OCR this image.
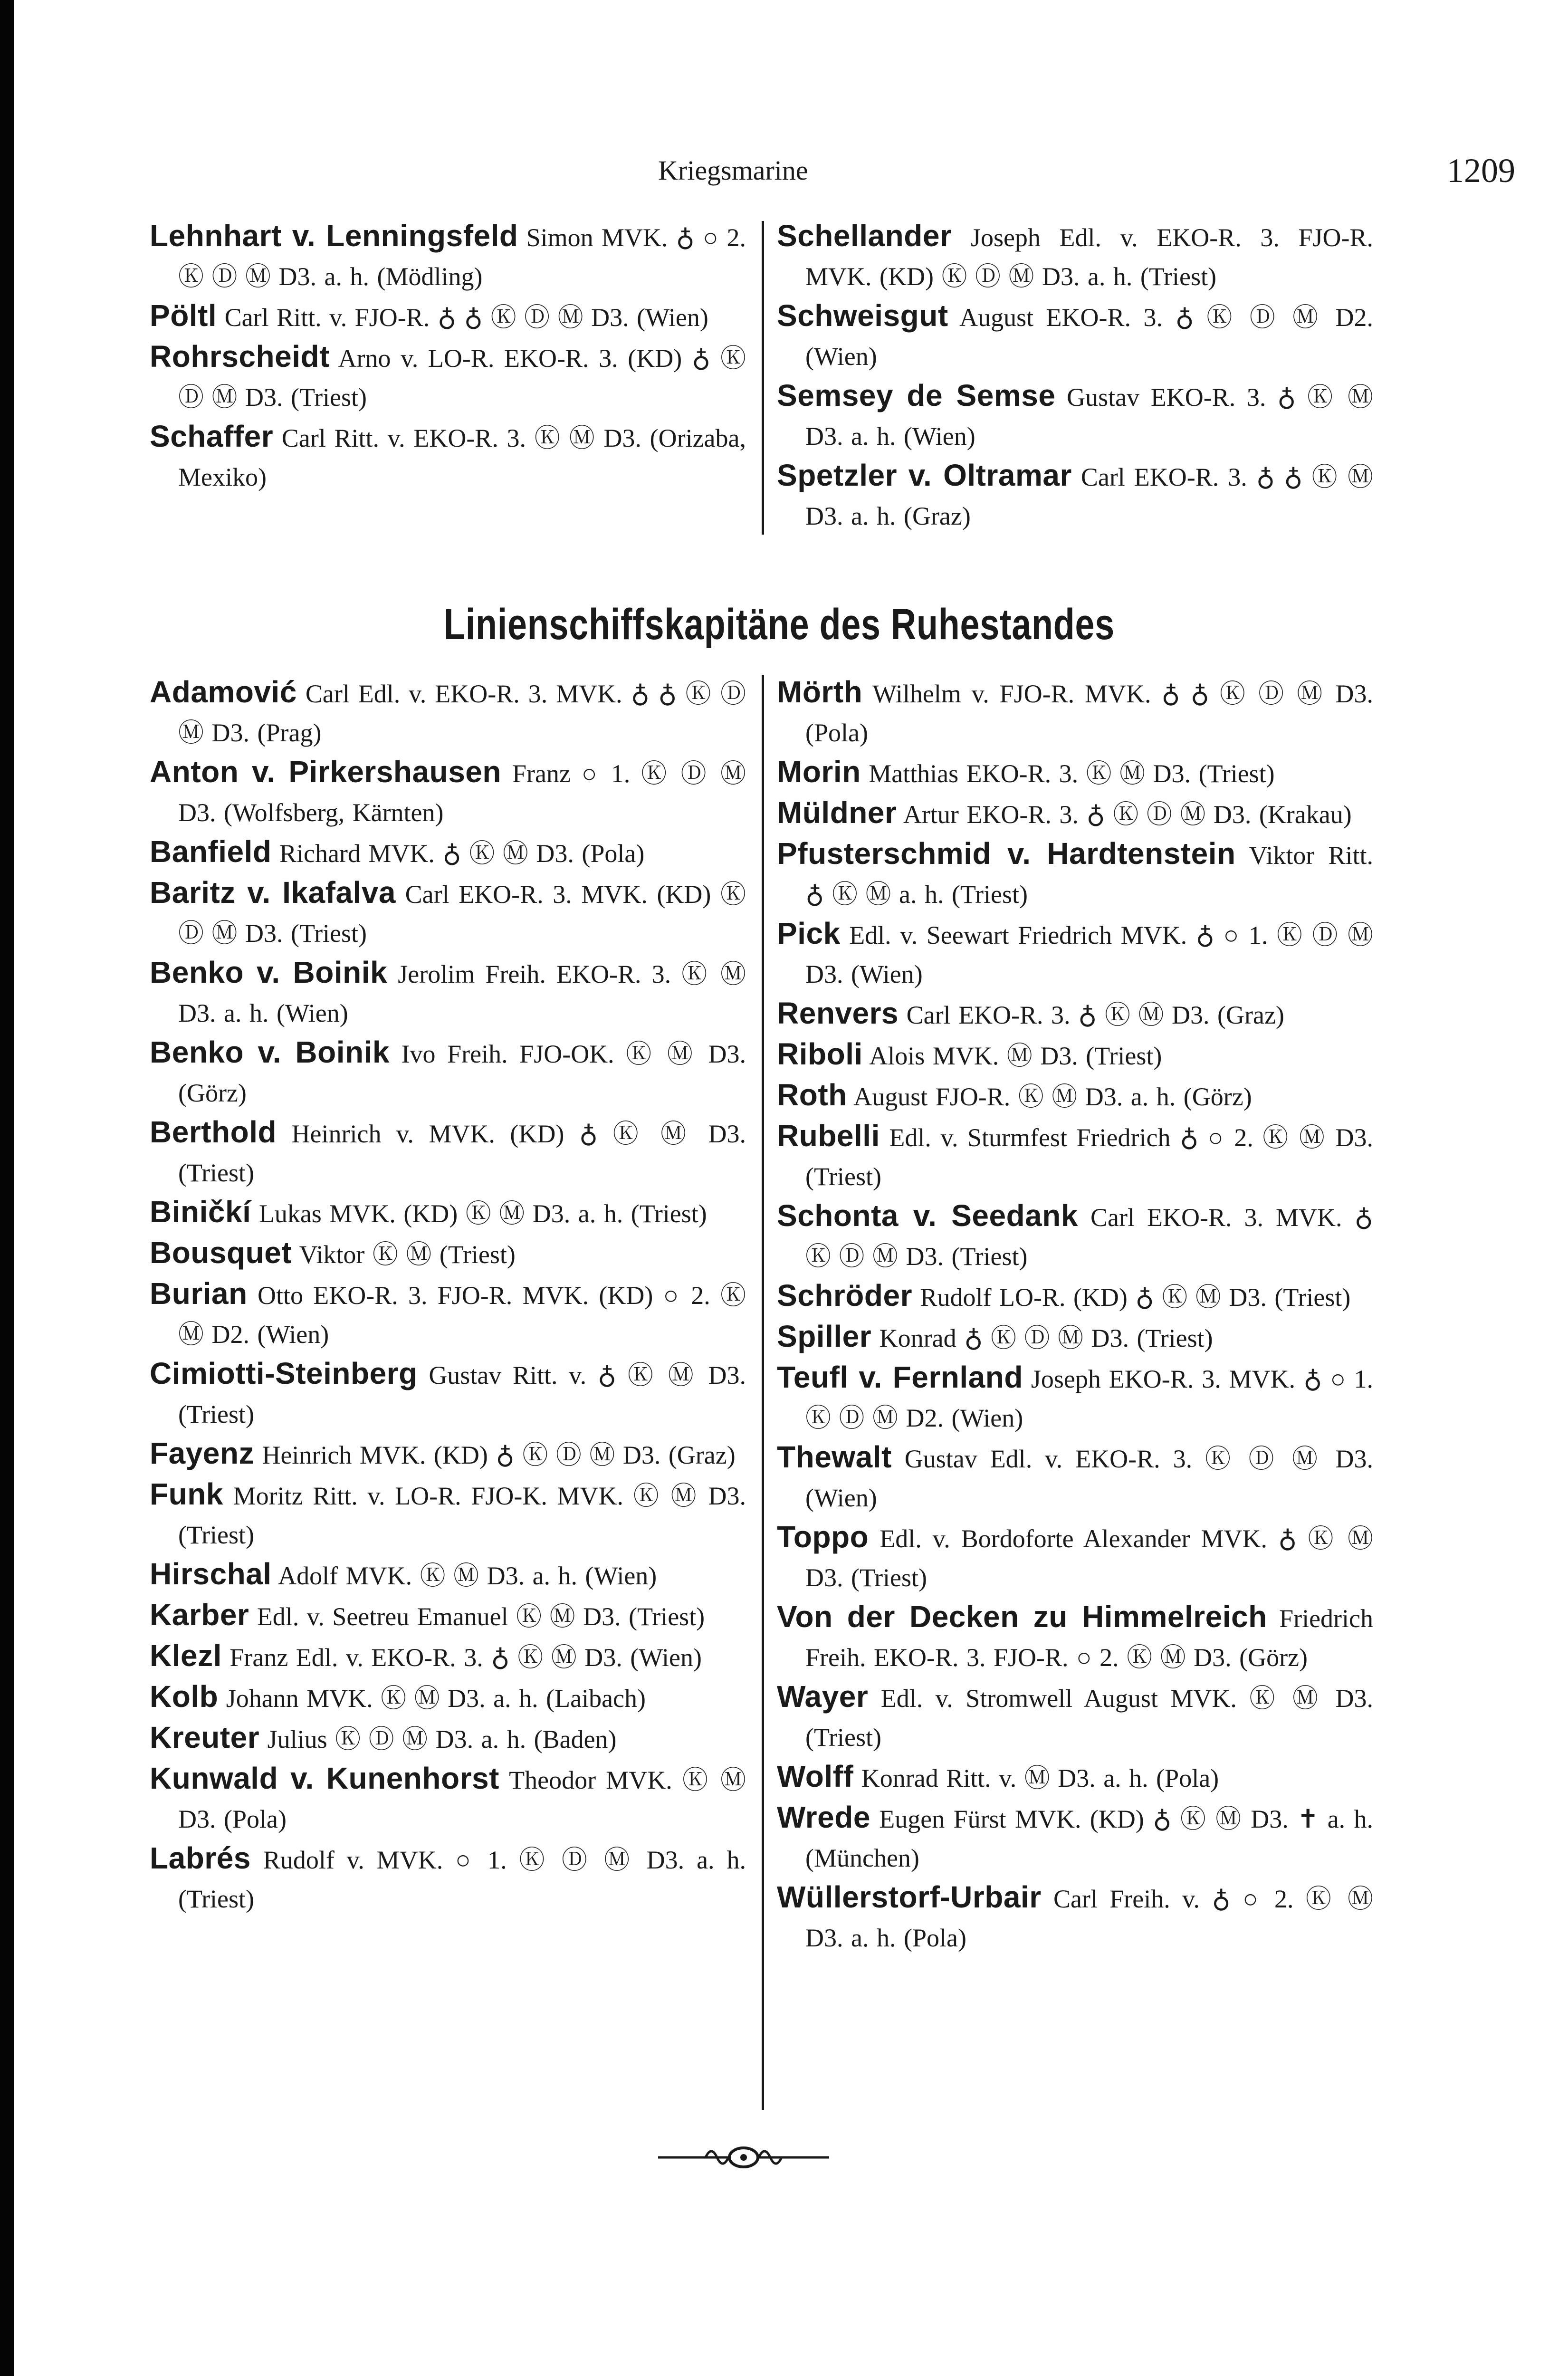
Kriegsmarine	1209

Lehnhart v. Lenningsfeld Simon MVK. ♁ ○ 2. Ⓚ Ⓓ Ⓜ D3. a. h. (Mödling)

Pöltl Carl Ritt. v. FJO-R. ♁ ♁ Ⓚ Ⓓ Ⓜ D3. (Wien)

Rohrscheidt Arno v. LO-R. EKO-R. 3. (KD) ♁ Ⓚ Ⓓ Ⓜ D3. (Triest)

Schaffer Carl Ritt. v. EKO-R. 3. Ⓚ Ⓜ D3. (Orizaba, Mexiko)

Schellander Joseph Edl. v. EKO-R. 3. FJO-R. MVK. (KD) Ⓚ Ⓓ Ⓜ D3. a. h. (Triest)

Schweisgut August EKO-R. 3. ♁ Ⓚ Ⓓ Ⓜ D2. (Wien)

Semsey de Semse Gustav EKO-R. 3. ♁ Ⓚ Ⓜ D3. a. h. (Wien)

Spetzler v. Oltramar Carl EKO-R. 3. ♁ ♁ Ⓚ Ⓜ D3. a. h. (Graz)

Linienschiffskapitäne des Ruhestandes

Adamović Carl Edl. v. EKO-R. 3. MVK. ♁ ♁ Ⓚ Ⓓ Ⓜ D3. (Prag)

Anton v. Pirkershausen Franz ○ 1. Ⓚ Ⓓ Ⓜ D3. (Wolfsberg, Kärnten)

Banfield Richard MVK. ♁ Ⓚ Ⓜ D3. (Pola)

Baritz v. Ikafalva Carl EKO-R. 3. MVK. (KD) Ⓚ Ⓓ Ⓜ D3. (Triest)

Benko v. Boinik Jerolim Freih. EKO-R. 3. Ⓚ Ⓜ D3. a. h. (Wien)

Benko v. Boinik Ivo Freih. FJO-OK. Ⓚ Ⓜ D3. (Görz)

Berthold Heinrich v. MVK. (KD) ♁ Ⓚ Ⓜ D3. (Triest)

Biničkí Lukas MVK. (KD) Ⓚ Ⓜ D3. a. h. (Triest)

Bousquet Viktor Ⓚ Ⓜ (Triest)

Burian Otto EKO-R. 3. FJO-R. MVK. (KD) ○ 2. Ⓚ Ⓜ D2. (Wien)

Cimiotti-Steinberg Gustav Ritt. v. ♁ Ⓚ Ⓜ D3. (Triest)

Fayenz Heinrich MVK. (KD) ♁ Ⓚ Ⓓ Ⓜ D3. (Graz)

Funk Moritz Ritt. v. LO-R. FJO-K. MVK. Ⓚ Ⓜ D3. (Triest)

Hirschal Adolf MVK. Ⓚ Ⓜ D3. a. h. (Wien)

Karber Edl. v. Seetreu Emanuel Ⓚ Ⓜ D3. (Triest)

Klezl Franz Edl. v. EKO-R. 3. ♁ Ⓚ Ⓜ D3. (Wien)

Kolb Johann MVK. Ⓚ Ⓜ D3. a. h. (Laibach)

Kreuter Julius Ⓚ Ⓓ Ⓜ D3. a. h. (Baden)

Kunwald v. Kunenhorst Theodor MVK. Ⓚ Ⓜ D3. (Pola)

Labrés Rudolf v. MVK. ○ 1. Ⓚ Ⓓ Ⓜ D3. a. h. (Triest)

Mörth Wilhelm v. FJO-R. MVK. ♁ ♁ Ⓚ Ⓓ Ⓜ D3. (Pola)

Morin Matthias EKO-R. 3. Ⓚ Ⓜ D3. (Triest)

Müldner Artur EKO-R. 3. ♁ Ⓚ Ⓓ Ⓜ D3. (Krakau)

Pfusterschmid v. Hardtenstein Viktor Ritt. ♁ Ⓚ Ⓜ a. h. (Triest)

Pick Edl. v. Seewart Friedrich MVK. ♁ ○ 1. Ⓚ Ⓓ Ⓜ D3. (Wien)

Renvers Carl EKO-R. 3. ♁ Ⓚ Ⓜ D3. (Graz)

Riboli Alois MVK. Ⓜ D3. (Triest)

Roth August FJO-R. Ⓚ Ⓜ D3. a. h. (Görz)

Rubelli Edl. v. Sturmfest Friedrich ♁ ○ 2. Ⓚ Ⓜ D3. (Triest)

Schonta v. Seedank Carl EKO-R. 3. MVK. ♁ Ⓚ Ⓓ Ⓜ D3. (Triest)

Schröder Rudolf LO-R. (KD) ♁ Ⓚ Ⓜ D3. (Triest)

Spiller Konrad ♁ Ⓚ Ⓓ Ⓜ D3. (Triest)

Teufl v. Fernland Joseph EKO-R. 3. MVK. ♁ ○ 1. Ⓚ Ⓓ Ⓜ D2. (Wien)

Thewalt Gustav Edl. v. EKO-R. 3. Ⓚ Ⓓ Ⓜ D3. (Wien)

Toppo Edl. v. Bordoforte Alexander MVK. ♁ Ⓚ Ⓜ D3. (Triest)

Von der Decken zu Himmelreich Friedrich Freih. EKO-R. 3. FJO-R. ○ 2. Ⓚ Ⓜ D3. (Görz)

Wayer Edl. v. Stromwell August MVK. Ⓚ Ⓜ D3. (Triest)

Wolff Konrad Ritt. v. Ⓜ D3. a. h. (Pola)

Wrede Eugen Fürst MVK. (KD) ♁ Ⓚ Ⓜ D3. ✝ a. h. (München)

Wüllerstorf-Urbair Carl Freih. v. ♁ ○ 2. Ⓚ Ⓜ D3. a. h. (Pola)
